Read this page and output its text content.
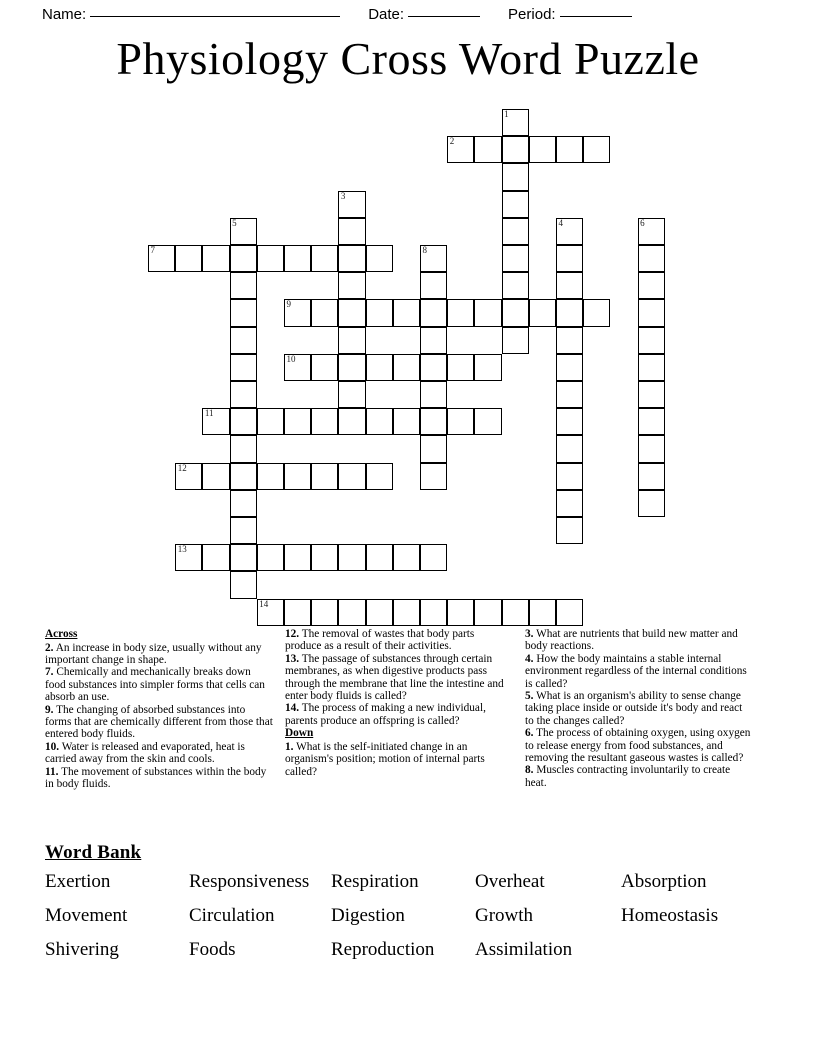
Name:	Date:	Period:
Physiology Cross Word Puzzle
1
2
3
4
5	6
7	8
9
10
11
12
13
14
Across
2. An increase in body size, usually without any important change in shape.
7. Chemically and mechanically breaks down food substances into simpler forms that cells can absorb an use.
9. The changing of absorbed substances into forms that are chemically different from those that entered body fluids.
10. Water is released and evaporated, heat is carried away from the skin and cools.
11. The movement of substances within the body in body fluids.
12. The removal of wastes that body parts produce as a result of their activities.
13. The passage of substances through certain membranes, as when digestive products pass through the membrane that line the intestine and enter body fluids is called?
14. The process of making a new individual, parents produce an offspring is called?
Down
1. What is the self-initiated change in an organism's position; motion of internal parts called?
3. What are nutrients that build new matter and body reactions.
4. How the body maintains a stable internal environment regardless of the internal conditions is called?
5. What is an organism's ability to sense change taking place inside or outside it's body and react to the changes called?
6. The process of obtaining oxygen, using oxygen to release energy from food substances, and removing the resultant gaseous wastes is called?
8. Muscles contracting involuntarily to create heat.
Word Bank
Exertion	Responsiveness	Respiration	Overheat	Absorption
Movement	Circulation	Digestion	Growth	Homeostasis
Shivering	Foods	Reproduction	Assimilation
